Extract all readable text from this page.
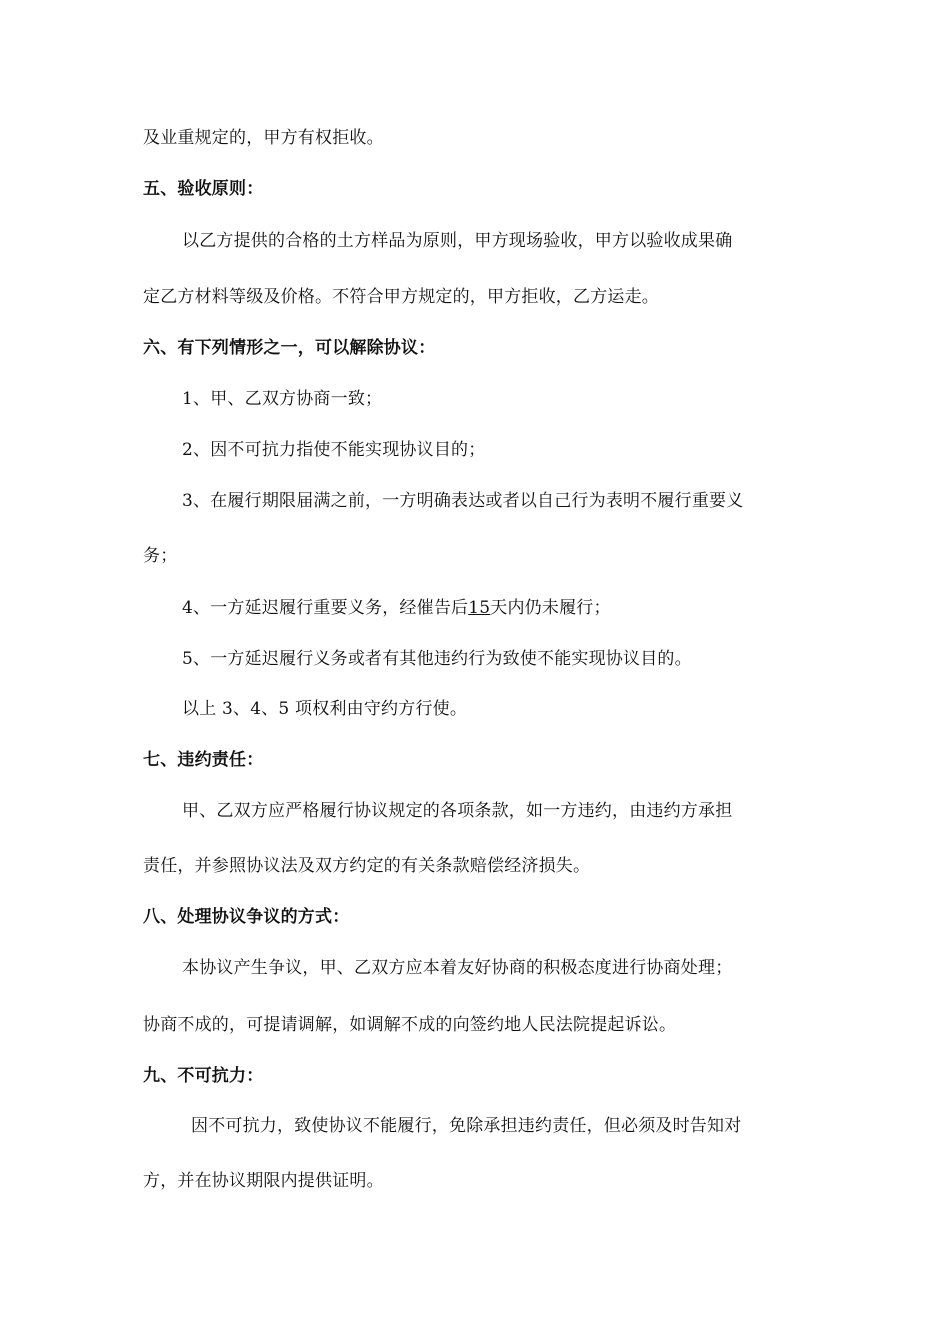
及业重规定的，甲方有权拒收。
五、验收原则：
以乙方提供的合格的土方样品为原则，甲方现场验收，甲方以验收成果确
定乙方材料等级及价格。不符合甲方规定的，甲方拒收，乙方运走。
六、有下列情形之一，可以解除协议：
1、甲、乙双方协商一致；
2、因不可抗力指使不能实现协议目的；
3、在履行期限届满之前，一方明确表达或者以自己行为表明不履行重要义
务；
4、一方延迟履行重要义务，经催告后15天内仍未履行；
5、一方延迟履行义务或者有其他违约行为致使不能实现协议目的。
以上 3、4、5 项权利由守约方行使。
七、违约责任：
甲、乙双方应严格履行协议规定的各项条款，如一方违约，由违约方承担
责任，并参照协议法及双方约定的有关条款赔偿经济损失。
八、处理协议争议的方式：
本协议产生争议，甲、乙双方应本着友好协商的积极态度进行协商处理；
协商不成的，可提请调解，如调解不成的向签约地人民法院提起诉讼。
九、不可抗力：
因不可抗力，致使协议不能履行，免除承担违约责任，但必须及时告知对
方，并在协议期限内提供证明。
